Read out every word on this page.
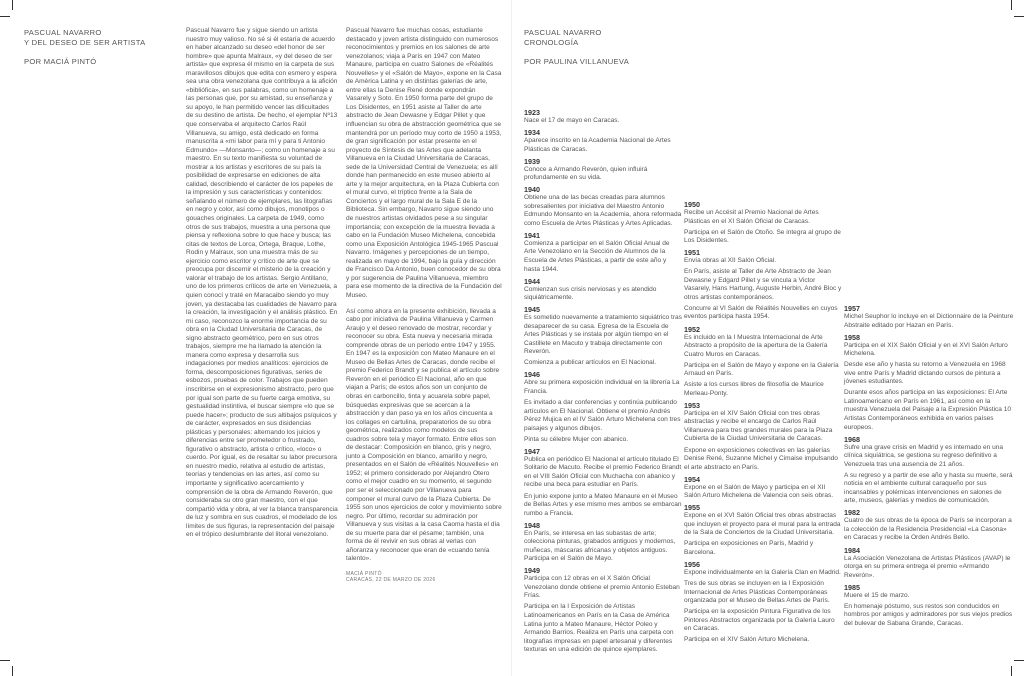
PASCUAL NAVARRO
Y DEL DESEO DE SER ARTISTA
POR MACIÁ PINTÓ

Pascual Navarro fue y sigue siendo un artista nuestro muy valioso. No sé si él estaría de acuerdo en haber alcanzado su deseo «del honor de ser hombre» que apunta Malraux, «y del deseo de ser artista» que expresa él mismo en la carpeta de sus maravillosos dibujos que edita con esmero y espera sea una obra venezolana que contribuya a la afición «bibliófica», en sus palabras, como un homenaje a las personas que, por su amistad, su enseñanza y su apoyo, le han permitido vencer las dificultades de su destino de artista. De hecho, el ejemplar Nº13 que conservaba el arquitecto Carlos Raúl Villanueva, su amigo, está dedicado en forma manuscrita a «mi labor para mí y para ti Antonio Edmundo» —Monsanto—; como un homenaje a su maestro. En su texto manifiesta su voluntad de mostrar a los artistas y escritores de su país la posibilidad de expresarse en ediciones de alta calidad, describiendo el carácter de los papeles de la impresión y sus características y contenidos: señalando el número de ejemplares, las litografías en negro y color, así como dibujos, monotipos o gouaches originales. La carpeta de 1949, como otros de sus trabajos, muestra a una persona que piensa y reflexiona sobre lo que hace y busca; las citas de textos de Lorca, Ortega, Braque, Lothe, Rodin y Malraux, son una muestra más de su ejercicio como escritor y crítico de arte que se preocupa por discernir el misterio de la creación y valorar el trabajo de los artistas. Sergio Antillano, uno de los primeros críticos de arte en Venezuela, a quien conocí y traté en Maracaibo siendo yo muy joven, ya destacaba las cualidades de Navarro para la creación, la investigación y el análisis plástico. En mi caso, reconozco la enorme importancia de su obra en la Ciudad Universitaria de Caracas, de signo abstracto geométrico, pero en sus otros trabajos, siempre me ha llamado la atención la manera como expresa y desarrolla sus indagaciones por medios analíticos: ejercicios de forma, descomposiciones figurativas, series de esbozos, pruebas de color. Trabajos que pueden inscribirse en el expresionismo abstracto, pero que por igual son parte de su fuerte carga emotiva, su gestualidad instintiva, el buscar siempre «lo que se puede hacer»; producto de sus altibajos psíquicos y de carácter, expresados en sus disidencias plásticas y personales: alternando los juicios y diferencias entre ser prometedor o frustrado, figurativo o abstracto, artista o crítico, «loco» o cuerdo. Por igual, es de resaltar su labor precursora en nuestro medio, relativa al estudio de artistas, teorías y tendencias en las artes, así como su importante y significativo acercamiento y comprensión de la obra de Armando Reverón, que consideraba su otro gran maestro, con el que compartió vida y obra, al ver la blanca transparencia de luz y sombra en sus cuadros, el modelado de los límites de sus figuras, la representación del paisaje en el trópico deslumbrante del litoral venezolano.

Pascual Navarro fue muchas cosas, estudiante destacado y joven artista distinguido con numerosos reconocimientos y premios en los salones de arte venezolanos; viaja a París en 1947 con Mateo Manaure, participa en cuatro Salones de «Réalités Nouvelles» y el «Salón de Mayo», expone en la Casa de América Latina y en distintas galerías de arte, entre ellas la Denise René donde expondrán Vasarely y Soto. En 1950 forma parte del grupo de Los Disidentes, en 1951 asiste al Taller de arte abstracto de Jean Dewasne y Edgar Pillet y que influencian su obra de abstracción geométrica que se mantendrá por un período muy corto de 1950 a 1953, de gran significación por estar presente en el proyecto de Síntesis de las Artes que adelanta Villanueva en la Ciudad Universitaria de Caracas, sede de la Universidad Central de Venezuela; es allí donde han permanecido en este museo abierto al arte y la mejor arquitectura, en la Plaza Cubierta con el mural curvo, el tríptico frente a la Sala de Conciertos y el largo mural de la Sala E de la Biblioteca. Sin embargo, Navarro sigue siendo uno de nuestros artistas olvidados pese a su singular importancia; con excepción de la muestra llevada a cabo en la Fundación Museo Michelena, concebida como una Exposición Antológica 1945-1965 Pascual Navarro. Imágenes y percepciones de un tiempo, realizada en mayo de 1994, bajo la guía y dirección de Francisco Da Antonio, buen conocedor de su obra y por sugerencia de Paulina Villanueva, miembro para ese momento de la directiva de la Fundación del Museo.

Así como ahora en la presente exhibición, llevada a cabo por iniciativa de Paulina Villanueva y Carmen Araujo y el deseo renovado de mostrar, recordar y reconocer su obra. Esta nueva y necesaria mirada comprende obras de un período entre 1947 y 1955. En 1947 es la exposición con Mateo Manaure en el Museo de Bellas Artes de Caracas, donde recibe el premio Federico Brandt y se publica el artículo sobre Reverón en el periódico El Nacional, año en que viajan a París; de estos años son un conjunto de obras en carboncillo, tinta y acuarela sobre papel, búsquedas expresivas que se acercan a la abstracción y dan paso ya en los años cincuenta a los collages en cartulina, preparatorios de su obra geométrica, realizados como modelos de sus cuadros sobre tela y mayor formato. Entre ellos son de destacar: Composición en blanco, gris y negro, junto a Composición en blanco, amarillo y negro, presentados en el Salón de «Réalités Nouvelles» en 1952; el primero considerado por Alejandro Otero como el mejor cuadro en su momento, el segundo por ser el seleccionado por Villanueva para componer el mural curvo de la Plaza Cubierta. De 1955 son unos ejercicios de color y movimiento sobre negro. Por último, recordar su admiración por Villanueva y sus visitas a la casa Caoma hasta el día de su muerte para dar el pésame; también, una forma de él revivir en sus obras al verlas con añoranza y reconocer que eran de «cuando tenía talento».

MACIÁ PINTÓ
CARACAS, 22 DE MARZO DE 2026
PASCUAL NAVARRO
CRONOLOGÍA
POR PAULINA VILLANUEVA
1923

Nace el 17 de mayo en Caracas.

1934

Aparece inscrito en la Academia Nacional de Artes Plásticas de Caracas.

1939

Conoce a Armando Reverón, quien influirá profundamente en su vida.

1940

Obtiene una de las becas creadas para alumnos sobresalientes por iniciativa del Maestro Antonio Edmundo Monsanto en la Academia, ahora reformada como Escuela de Artes Plásticas y Artes Aplicadas.

1941

Comienza a participar en el Salón Oficial Anual de Arte Venezolano en la Sección de Alumnos de la Escuela de Artes Plásticas, a partir de este año y hasta 1944.

1944

Comienzan sus crisis nerviosas y es atendido siquiátricamente.

1945

Es sometido nuevamente a tratamiento siquiátrico tras desaparecer de su casa. Egresa de la Escuela de Artes Plásticas y se instala por algún tiempo en el Castillete en Macuto y trabaja directamente con Reverón.

Comienza a publicar artículos en El Nacional.

1946

Abre su primera exposición individual en la librería La Francia.

Es invitado a dar conferencias y continúa publicando artículos en El Nacional. Obtiene el premio Andrés Pérez Mujica en el IV Salón Arturo Michelena con tres paisajes y algunos dibujos.

Pinta su célebre Mujer con abanico.

1947

Publica en periódico El Nacional el artículo titulado El Solitario de Macuto. Recibe el premio Federico Brandt en el VIII Salón Oficial con Muchacha con abanico y recibe una beca para estudiar en París.

En junio expone junto a Mateo Manaure en el Museo de Bellas Artes y ese mismo mes ambos se embarcan rumbo a Francia.

1948

En París, se interesa en las subastas de arte; colecciona pinturas, grabados antiguos y modernos, muñecas, máscaras africanas y objetos antiguos. Participa en el Salón de Mayo.

1949

Participa con 12 obras en el X Salón Oficial Venezolano donde obtiene el premio Antonio Esteban Frías.

Participa en la I Exposición de Artistas Latinoamericanos en París en la Casa de América Latina junto a Mateo Manaure, Héctor Poleo y Armando Barrios. Realiza en París una carpeta con litografías impresas en papel artesanal y diferentes texturas en una edición de quince ejemplares.

1950

Recibe un Accésit al Premio Nacional de Artes Plásticas en el XI Salón Oficial de Caracas.

Participa en el Salón de Otoño. Se integra al grupo de Los Disidentes.

1951

Envía obras al XII Salón Oficial.

En París, asiste al Taller de Arte Abstracto de Jean Dewasne y Edgard Pillet y se vincula a Victor Vasarely, Hans Hartung, Auguste Herbin, André Bloc y otros artistas contemporáneos.

Concurre al VI Salón de Réalités Nouvelles en cuyos eventos participa hasta 1954.

1952

Es incluido en la I Muestra Internacional de Arte Abstracto a propósito de la apertura de la Galería Cuatro Muros en Caracas.

Participa en el Salón de Mayo y expone en la Galería Arnaud en París.

Asiste a los cursos libres de filosofía de Maurice Merleau-Ponty.

1953

Participa en el XIV Salón Oficial con tres obras abstractas y recibe el encargo de Carlos Raúl Villanueva para tres grandes murales para la Plaza Cubierta de la Ciudad Universitaria de Caracas.

Expone en exposiciones colectivas en las galerías Denise René, Suzanne Michel y Cimaise impulsando el arte abstracto en París.

1954

Expone en el Salón de Mayo y participa en el XII Salón Arturo Michelena de Valencia con seis obras.

1955

Expone en el XVI Salón Oficial tres obras abstractas que incluyen el proyecto para el mural para la entrada de la Sala de Conciertos de la Ciudad Universitaria.

Participa en exposiciones en París, Madrid y Barcelona.

1956

Expone individualmente en la Galería Clan en Madrid.

Tres de sus obras se incluyen en la I Exposición Internacional de Artes Plásticas Contemporáneas organizada por el Museo de Bellas Artes de París.

Participa en la exposición Pintura Figurativa de los Pintores Abstractos organizada por la Galería Lauro en Caracas.

Participa en el XIV Salón Arturo Michelena.

1957

Michel Seuphor lo incluye en el Dictionnaire de la Peinture Abstraite editado por Hazan en París.

1958

Participa en el XIX Salón Oficial y en el XVI Salón Arturo Michelena.

Desde ese año y hasta su retorno a Venezuela en 1968 vive entre París y Madrid dictando cursos de pintura a jóvenes estudiantes.

Durante esos años participa en las exposiciones: El Arte Latinoamericano en París en 1961, así como en la muestra Venezuela del Paisaje a la Expresión Plástica 10 Artistas Contemporáneos exhibida en varios países europeos.

1968

Sufre una grave crisis en Madrid y es internado en una clínica siquiátrica, se gestiona su regreso definitivo a Venezuela tras una ausencia de 21 años.

A su regreso y a partir de ese año y hasta su muerte, será noticia en el ambiente cultural caraqueño por sus incansables y polémicas intervenciones en salones de arte, museos, galerías y medios de comunicación.

1982

Cuatro de sus obras de la época de París se incorporan a la colección de la Residencia Presidencial «La Casona» en Caracas y recibe la Orden Andrés Bello.

1984

La Asociación Venezolana de Artistas Plásticos (AVAP) le otorga en su primera entrega el premio «Armando Reverón».

1985

Muere el 15 de marzo.

En homenaje póstumo, sus restos son conducidos en hombros por amigos y admiradores por sus viejos predios del bulevar de Sabana Grande, Caracas.
